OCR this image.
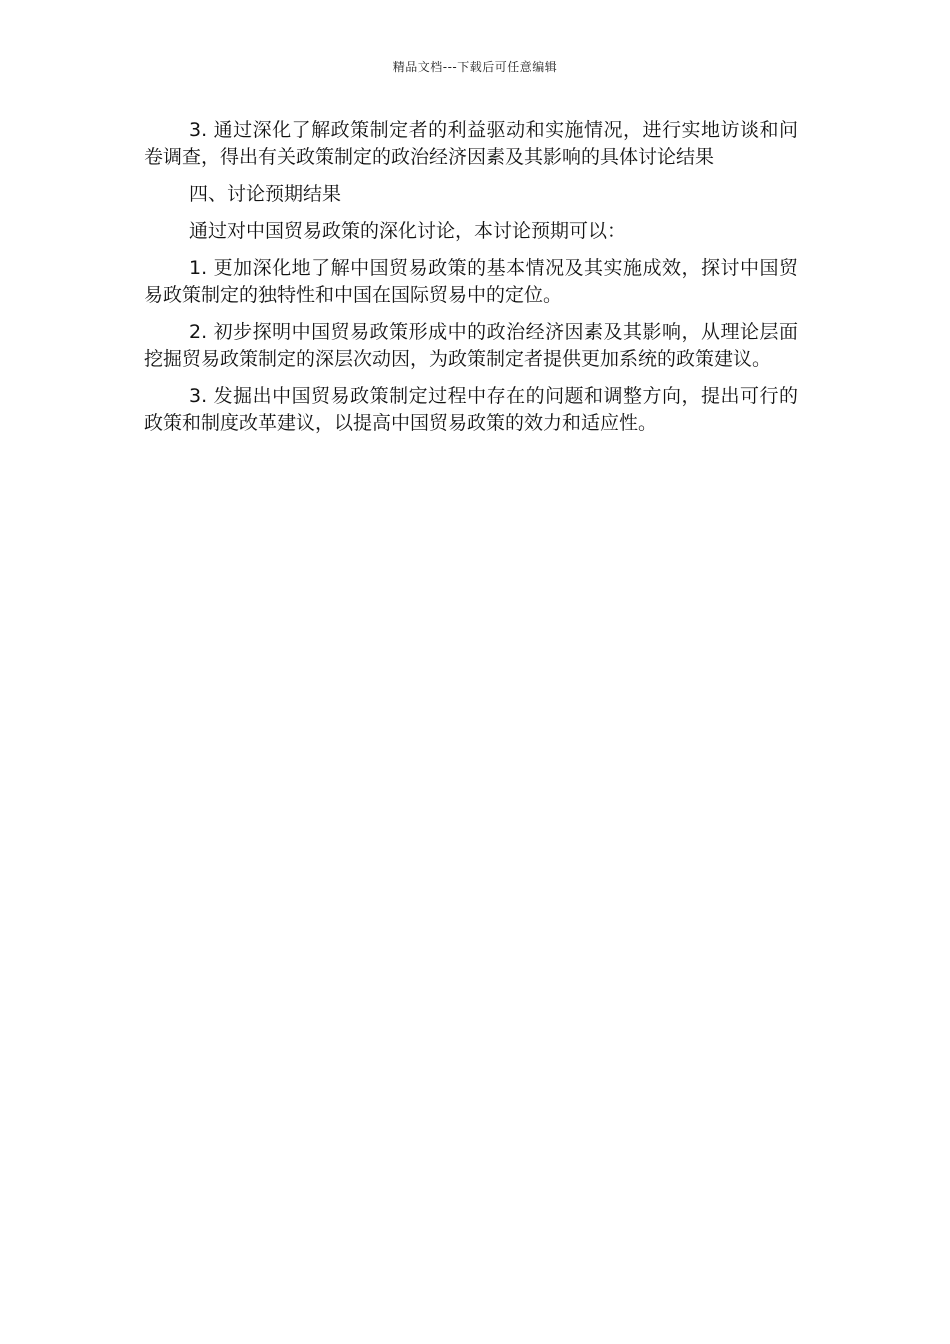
精品文档---下载后可任意编辑

3. 通过深化了解政策制定者的利益驱动和实施情况，进行实地访谈和问卷调查，得出有关政策制定的政治经济因素及其影响的具体讨论结果

四、讨论预期结果

通过对中国贸易政策的深化讨论，本讨论预期可以：

1. 更加深化地了解中国贸易政策的基本情况及其实施成效，探讨中国贸易政策制定的独特性和中国在国际贸易中的定位。

2. 初步探明中国贸易政策形成中的政治经济因素及其影响，从理论层面挖掘贸易政策制定的深层次动因，为政策制定者提供更加系统的政策建议。

3. 发掘出中国贸易政策制定过程中存在的问题和调整方向，提出可行的政策和制度改革建议，以提高中国贸易政策的效力和适应性。
